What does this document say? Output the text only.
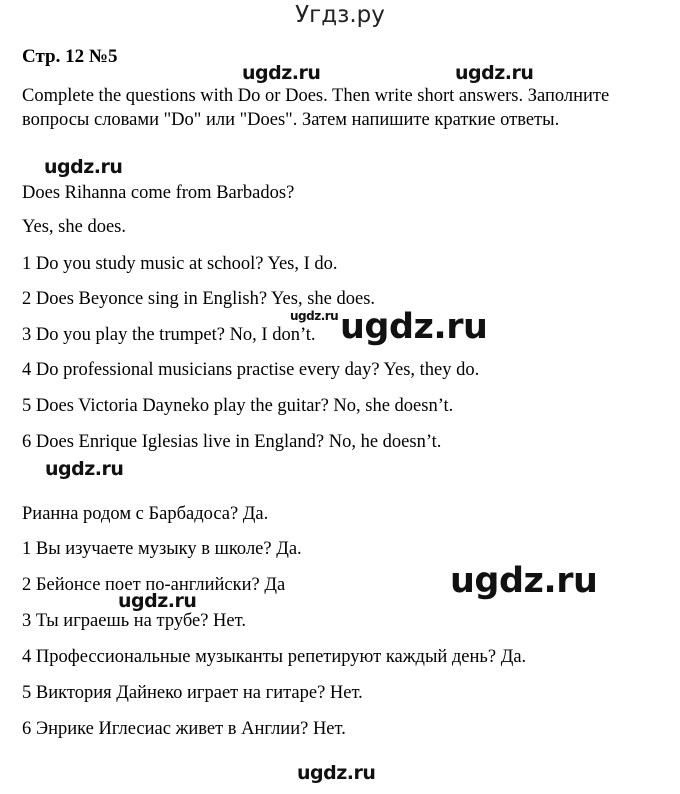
Угдз.ру
Стр. 12 №5
Complete the questions with Do or Does. Then write short answers. Заполните вопросы словами "Do" или "Does". Затем напишите краткие ответы.
Does Rihanna come from Barbados?
Yes, she does.
1 Do you study music at school? Yes, I do.
2 Does Beyonce sing in English? Yes, she does.
3 Do you play the trumpet? No, I don’t.
4 Do professional musicians practise every day? Yes, they do.
5 Does Victoria Dayneko play the guitar? No, she doesn’t.
6 Does Enrique Iglesias live in England? No, he doesn’t.
Рианна родом с Барбадоса? Да.
1 Вы изучаете музыку в школе? Да.
2 Бейонсе поет по-английски? Да
3 Ты играешь на трубе? Нет.
4 Профессиональные музыканты репетируют каждый день? Да.
5 Виктория Дайнеко играет на гитаре? Нет.
6 Энрике Иглесиас живет в Англии? Нет.
ugdz.ru	ugdz.ru
ugdz.ru
ugdz.ru ugdz.ru
ugdz.ru
ugdz.ru
ugdz.ru
ugdz.ru
